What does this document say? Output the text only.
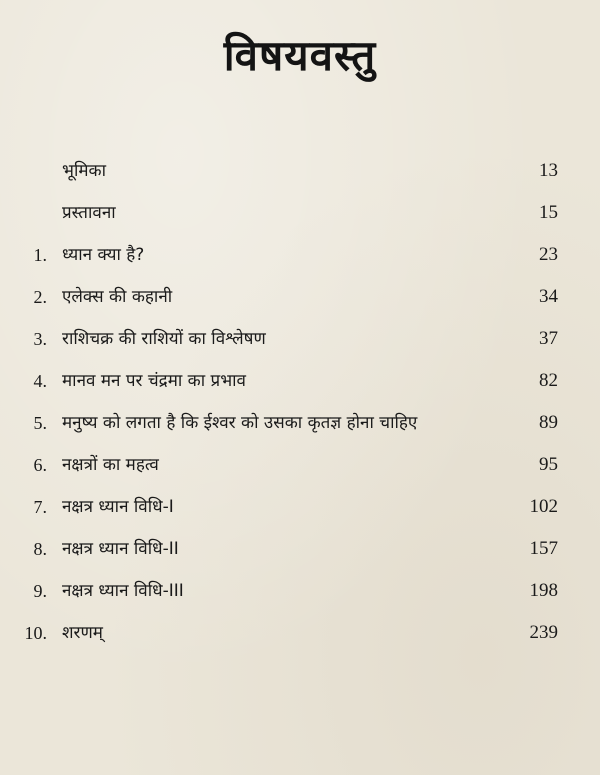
विषयवस्तु
भूमिका	13
प्रस्तावना	15
1. ध्यान क्या है?	23
2. एलेक्स की कहानी	34
3. राशिचक्र की राशियों का विश्लेषण	37
4. मानव मन पर चंद्रमा का प्रभाव	82
5. मनुष्य को लगता है कि ईश्वर को उसका कृतज्ञ होना चाहिए	89
6. नक्षत्रों का महत्व	95
7. नक्षत्र ध्यान विधि-I	102
8. नक्षत्र ध्यान विधि-II	157
9. नक्षत्र ध्यान विधि-III	198
10. शरणम्	239
